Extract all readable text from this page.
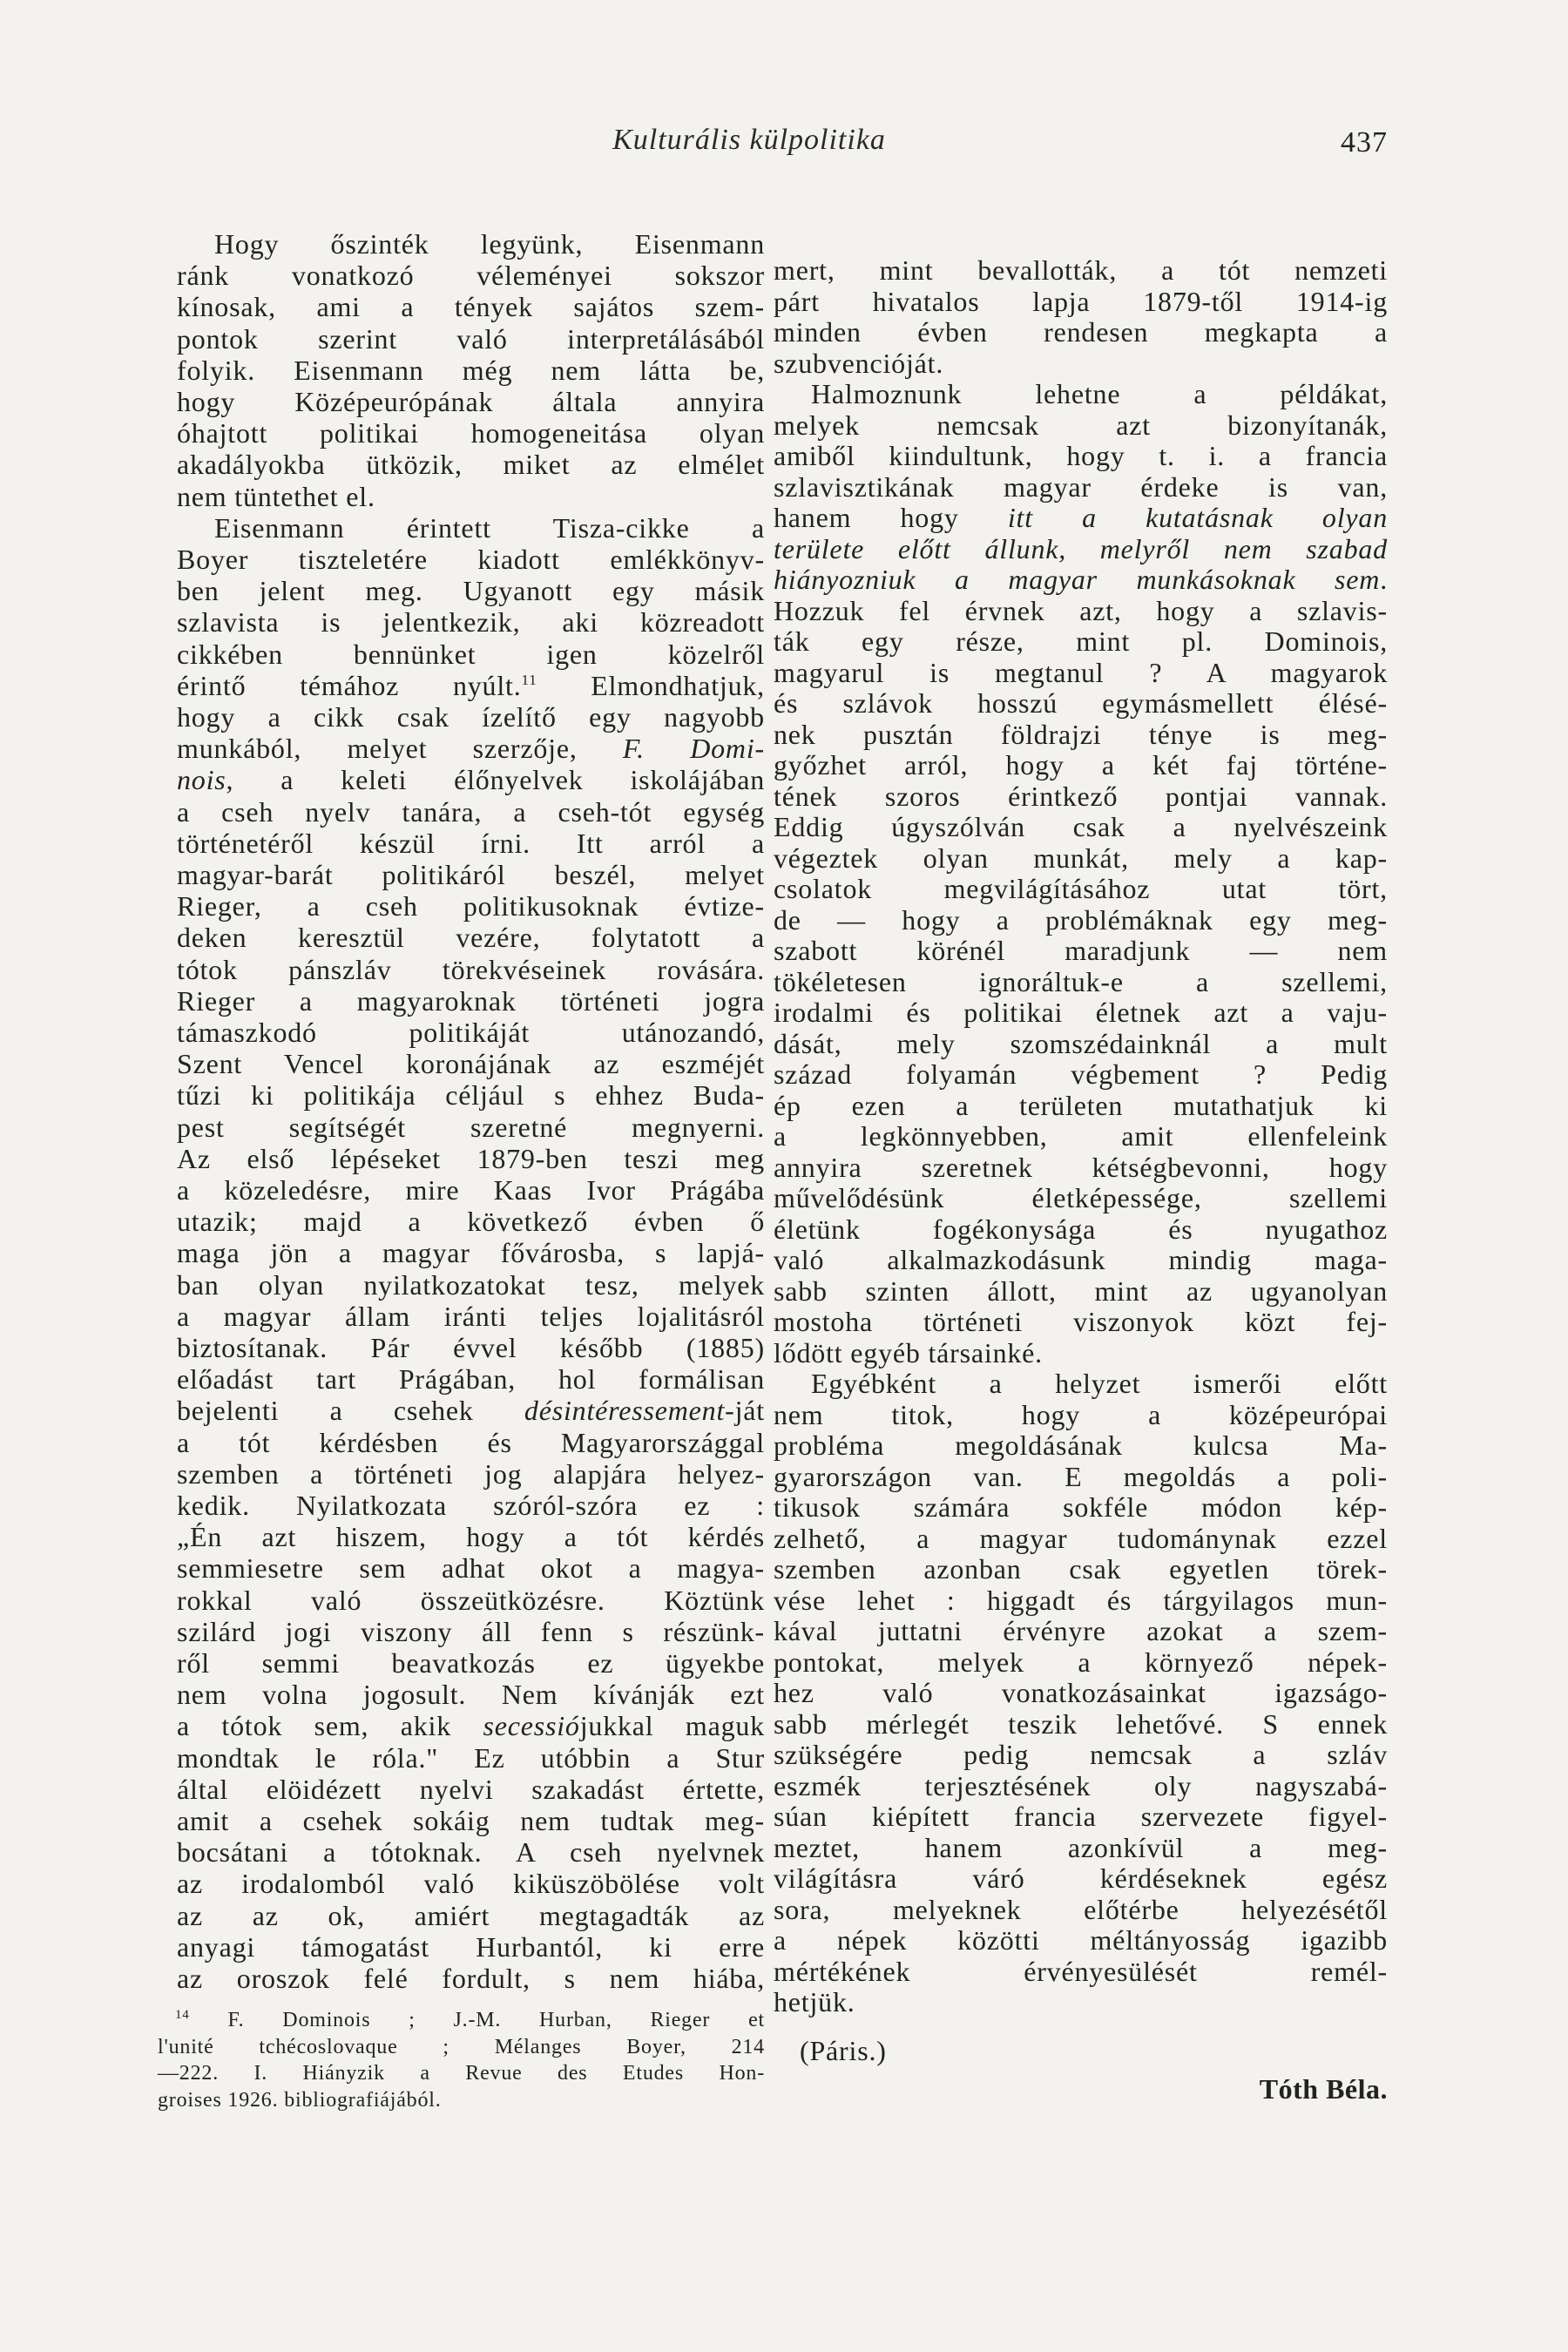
Kulturális külpolitika	437
Hogy őszinték legyünk, Eisenmann
ránk vonatkozó véleményei sokszor
kínosak, ami a tények sajátos szem-
pontok szerint való interpretálásából
folyik. Eisenmann még nem látta be,
hogy Középeurópának általa annyira
óhajtott politikai homogeneitása olyan
akadályokba ütközik, miket az elmélet
nem tüntethet el.
Eisenmann érintett Tisza-cikke a
Boyer tiszteletére kiadott emlékkönyv-
ben jelent meg. Ugyanott egy másik
szlavista is jelentkezik, aki közreadott
cikkében bennünket igen közelről
érintő témához nyúlt.$^{11}$ Elmondhatjuk,
hogy a cikk csak ízelítő egy nagyobb
munkából, melyet szerzője, F. Domi-
nois, a keleti élőnyelvek iskolájában
a cseh nyelv tanára, a cseh-tót egység
történetéről készül írni. Itt arról a
magyar-barát politikáról beszél, melyet
Rieger, a cseh politikusoknak évtize-
deken keresztül vezére, folytatott a
tótok pánszláv törekvéseinek rovására.
Rieger a magyaroknak történeti jogra
támaszkodó politikáját utánozandó,
Szent Vencel koronájának az eszméjét
tűzi ki politikája céljául s ehhez Buda-
pest segítségét szeretné megnyerni.
Az első lépéseket 1879-ben teszi meg
a közeledésre, mire Kaas Ivor Prágába
utazik; majd a következő évben ő
maga jön a magyar fővárosba, s lapjá-
ban olyan nyilatkozatokat tesz, melyek
a magyar állam iránti teljes lojalitásról
biztosítanak. Pár évvel később (1885)
előadást tart Prágában, hol formálisan
bejelenti a csehek désintéressement-ját
a tót kérdésben és Magyarországgal
szemben a történeti jog alapjára helyez-
kedik. Nyilatkozata szóról-szóra ez :
„Én azt hiszem, hogy a tót kérdés
semmiesetre sem adhat okot a magya-
rokkal való összeütközésre. Köztünk
szilárd jogi viszony áll fenn s részünk-
ről semmi beavatkozás ez ügyekbe
nem volna jogosult. Nem kívánják ezt
a tótok sem, akik secessiójukkal maguk
mondtak le róla." Ez utóbbin a Stur
által elöidézett nyelvi szakadást értette,
amit a csehek sokáig nem tudtak meg-
bocsátani a tótoknak. A cseh nyelvnek
az irodalomból való kiküszöbölése volt
az az ok, amiért megtagadták az
anyagi támogatást Hurbantól, ki erre
az oroszok felé fordult, s nem hiába,
mert, mint bevallották, a tót nemzeti
párt hivatalos lapja 1879-től 1914-ig
minden évben rendesen megkapta a
szubvencióját.
Halmoznunk lehetne a példákat,
melyek nemcsak azt bizonyítanák,
amiből kiindultunk, hogy t. i. a francia
szlavisztikának magyar érdeke is van,
hanem hogy itt a kutatásnak olyan
területe előtt állunk, melyről nem szabad
hiányozniuk a magyar munkásoknak sem.
Hozzuk fel érvnek azt, hogy a szlavis-
ták egy része, mint pl. Dominois,
magyarul is megtanul ? A magyarok
és szlávok hosszú egymásmellett élésé-
nek pusztán földrajzi ténye is meg-
győzhet arról, hogy a két faj történe-
tének szoros érintkező pontjai vannak.
Eddig úgyszólván csak a nyelvészeink
végeztek olyan munkát, mely a kap-
csolatok megvilágításához utat tört,
de — hogy a problémáknak egy meg-
szabott körénél maradjunk — nem
tökéletesen ignoráltuk-e a szellemi,
irodalmi és politikai életnek azt a vaju-
dását, mely szomszédainknál a mult
század folyamán végbement ? Pedig
ép ezen a területen mutathatjuk ki
a legkönnyebben, amit ellenfeleink
annyira szeretnek kétségbevonni, hogy
művelődésünk életképessége, szellemi
életünk fogékonysága és nyugathoz
való alkalmazkodásunk mindig maga-
sabb szinten állott, mint az ugyanolyan
mostoha történeti viszonyok közt fej-
lődött egyéb társainké.
Egyébként a helyzet ismerői előtt
nem titok, hogy a középeurópai
probléma megoldásának kulcsa Ma-
gyarországon van. E megoldás a poli-
tikusok számára sokféle módon kép-
zelhető, a magyar tudománynak ezzel
szemben azonban csak egyetlen törek-
vése lehet : higgadt és tárgyilagos mun-
kával juttatni érvényre azokat a szem-
pontokat, melyek a környező népek-
hez való vonatkozásainkat igazságo-
sabb mérlegét teszik lehetővé. S ennek
szükségére pedig nemcsak a szláv
eszmék terjesztésének oly nagyszabá-
súan kiépített francia szervezete figyel-
meztet, hanem azonkívül a meg-
világításra váró kérdéseknek egész
sora, melyeknek előtérbe helyezésétől
a népek közötti méltányosság igazibb
mértékének érvényesülését remél-
hetjük.
$^{14}$ F. Dominois ; J.-M. Hurban, Rieger et
l'unité tchécoslovaque ; Mélanges Boyer, 214
—222. I. Hiányzik a Revue des Etudes Hon-
groises 1926. bibliografiájából.
(Páris.)
Tóth Béla.
